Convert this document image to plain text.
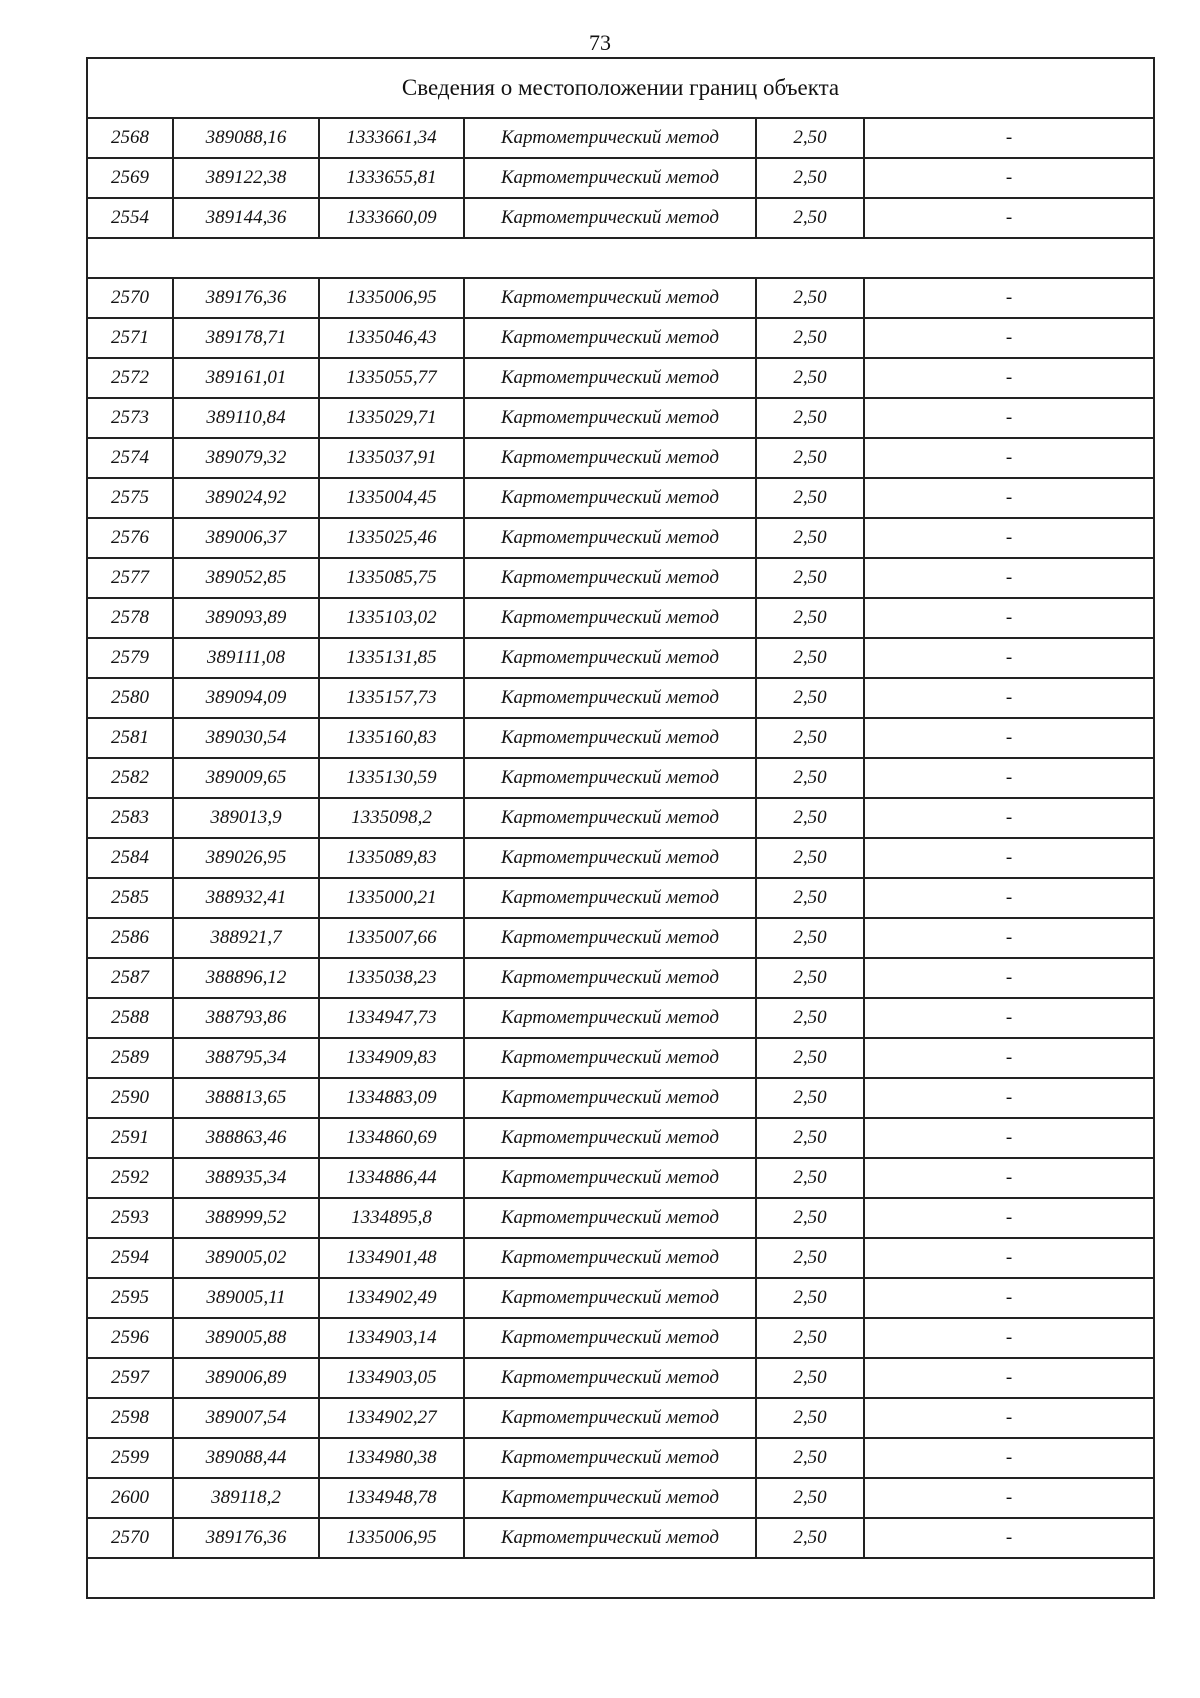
73
Сведения о местоположении границ объекта					
2568	389088,16	1333661,34	Картометрический метод	2,50	-
2569	389122,38	1333655,81	Картометрический метод	2,50	-
2554	389144,36	1333660,09	Картометрический метод	2,50	-

2570	389176,36	1335006,95	Картометрический метод	2,50	-
2571	389178,71	1335046,43	Картометрический метод	2,50	-
2572	389161,01	1335055,77	Картометрический метод	2,50	-
2573	389110,84	1335029,71	Картометрический метод	2,50	-
2574	389079,32	1335037,91	Картометрический метод	2,50	-
2575	389024,92	1335004,45	Картометрический метод	2,50	-
2576	389006,37	1335025,46	Картометрический метод	2,50	-
2577	389052,85	1335085,75	Картометрический метод	2,50	-
2578	389093,89	1335103,02	Картометрический метод	2,50	-
2579	389111,08	1335131,85	Картометрический метод	2,50	-
2580	389094,09	1335157,73	Картометрический метод	2,50	-
2581	389030,54	1335160,83	Картометрический метод	2,50	-
2582	389009,65	1335130,59	Картометрический метод	2,50	-
2583	389013,9	1335098,2	Картометрический метод	2,50	-
2584	389026,95	1335089,83	Картометрический метод	2,50	-
2585	388932,41	1335000,21	Картометрический метод	2,50	-
2586	388921,7	1335007,66	Картометрический метод	2,50	-
2587	388896,12	1335038,23	Картометрический метод	2,50	-
2588	388793,86	1334947,73	Картометрический метод	2,50	-
2589	388795,34	1334909,83	Картометрический метод	2,50	-
2590	388813,65	1334883,09	Картометрический метод	2,50	-
2591	388863,46	1334860,69	Картометрический метод	2,50	-
2592	388935,34	1334886,44	Картометрический метод	2,50	-
2593	388999,52	1334895,8	Картометрический метод	2,50	-
2594	389005,02	1334901,48	Картометрический метод	2,50	-
2595	389005,11	1334902,49	Картометрический метод	2,50	-
2596	389005,88	1334903,14	Картометрический метод	2,50	-
2597	389006,89	1334903,05	Картометрический метод	2,50	-
2598	389007,54	1334902,27	Картометрический метод	2,50	-
2599	389088,44	1334980,38	Картометрический метод	2,50	-
2600	389118,2	1334948,78	Картометрический метод	2,50	-
2570	389176,36	1335006,95	Картометрический метод	2,50	-
